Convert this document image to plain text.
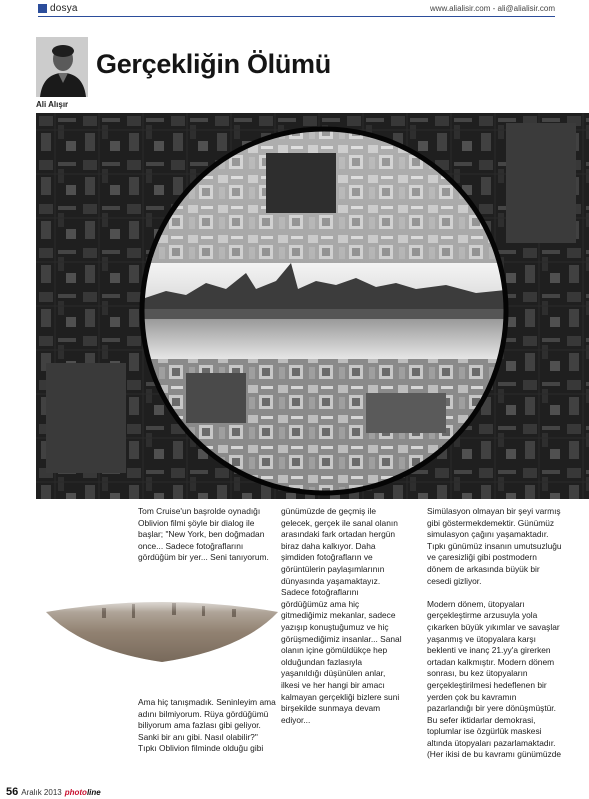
dosya	www.alialisir.com - ali@alialisir.com
Ali Alışır
Gerçekliğin Ölümü

Tom Cruise'un başrolde oynadığı Oblivion filmi şöyle bir dialog ile başlar; "New York, ben doğmadan once... Sadece fotoğraflarını gördüğüm bir yer... Seni tanıyorum.

Ama hiç tanışmadık. Seninleyim ama adını bilmiyorum. Rüya gördüğümü biliyorum ama fazlası gibi geliyor. Sanki bir anı gibi. Nasıl olabilir?" Tıpkı Oblivion filminde olduğu gibi

günümüzde de geçmiş ile gelecek, gerçek ile sanal olanın arasındaki fark ortadan hergün biraz daha kalkıyor. Daha şimdiden fotoğrafların ve görüntülerin paylaşımlarının dünyasında yaşamaktayız. Sadece fotoğraflarını gördüğümüz ama hiç gitmediğimiz mekanlar, sadece yazışıp konuştuğumuz ve hiç görüşmediğimiz insanlar... Sanal olanın içine gömüldükçe hep olduğundan fazlasıyla yaşanıldığı düşünülen anlar, ilkesi ve her hangi bir amacı kalmayan gerçekliği bizlere suni birşekilde sunmaya devam ediyor...

Simülasyon olmayan bir şeyi varmış gibi göstermekdemektir. Günümüz simulasyon çağını yaşamaktadır. Tıpkı günümüz insanın umutsuzluğu ve çaresizliği gibi postmodern dönem de arkasında büyük bir cesedi gizliyor.

Modern dönem, ütopyaları gerçekleştirme arzusuyla yola çıkarken büyük yıkımlar ve savaşlar yaşanmış ve ütopyalara karşı beklenti ve inanç 21.yy'a girerken ortadan kalkmıştır. Modern dönem sonrası, bu kez ütopyaların gerçekleştirilmesi hedeflenen bir yerden çok bu kavramın pazarlandığı bir yere dönüşmüştür. Bu sefer iktidarlar demokrasi, toplumlar ise özgürlük maskesi altında ütopyaları pazarlamaktadır. (Her ikisi de bu kavramı günümüzde

56 Aralık 2013 photoline
